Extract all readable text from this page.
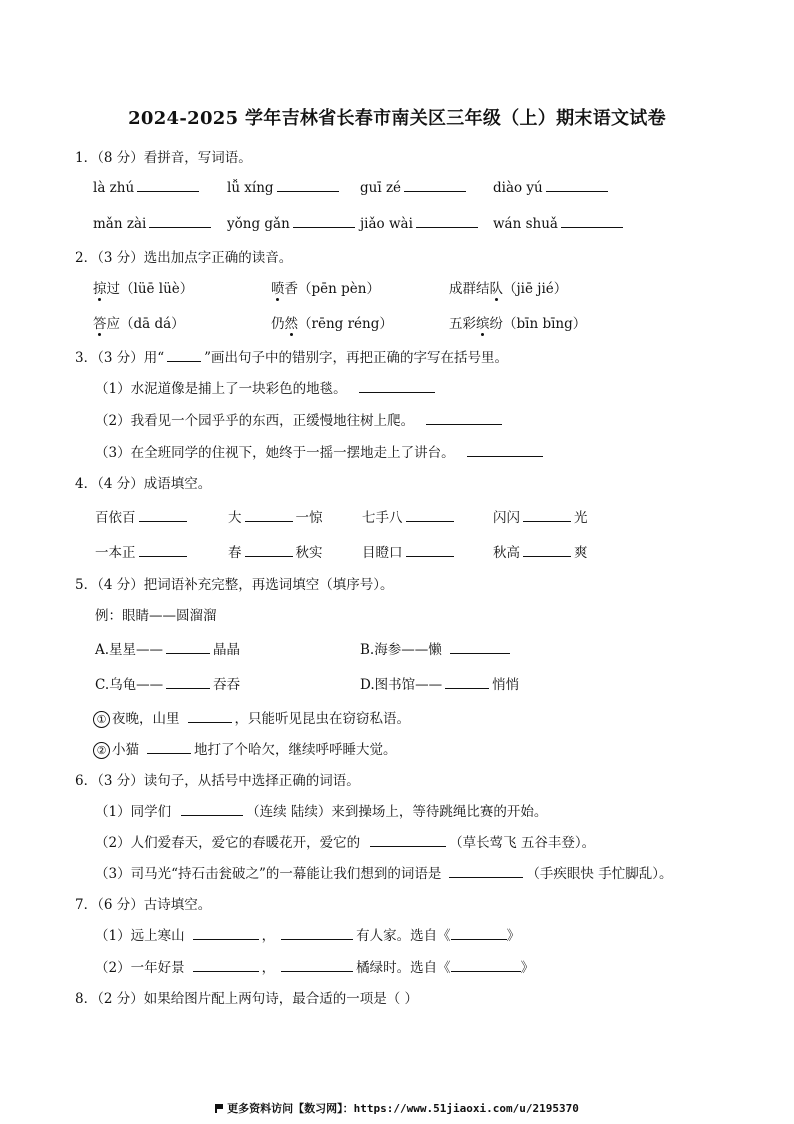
2024-2025 学年吉林省长春市南关区三年级（上）期末语文试卷
1．（8 分）看拼音，写词语。
là zhú	lǚ xíng	guī zé	diào yú
mǎn zài	yǒng gǎn	jiǎo wài	wán shuǎ
2．（3 分）选出加点字正确的读音。
掠过（lüē lüè）	喷香（pēn pèn）	成群结队（jiē jié）
答应（dā dá）	仍然（rēng réng）	五彩缤纷（bīn bīng）
3．（3 分）用“	”画出句子中的错别字，再把正确的字写在括号里。
（1）水泥道像是捕上了一块彩色的地毯。
（2）我看见一个园乎乎的东西，正缓慢地往树上爬。
（3）在全班同学的住视下，她终于一摇一摆地走上了讲台。
4．（4 分）成语填空。
百依百	大	一惊	七手八	闪闪	光
一本正	春	秋实	目瞪口	秋高	爽
5．（4 分）把词语补充完整，再选词填空（填序号）。
例：眼睛——圆溜溜
A.星星——	晶晶	B.海参——懒
C.乌龟——	吞吞	D.图书馆——	悄悄
① 夜晚，山里	，只能听见昆虫在窃窃私语。
② 小猫	地打了个哈欠，继续呼呼睡大觉。
6．（3 分）读句子，从括号中选择正确的词语。
（1）同学们	（连续 陆续）来到操场上，等待跳绳比赛的开始。
（2）人们爱春天，爱它的春暖花开，爱它的	（草长莺飞 五谷丰登）。
（3）司马光“持石击瓮破之”的一幕能让我们想到的词语是	（手疾眼快 手忙脚乱）。
7．（6 分）古诗填空。
（1）远上寒山	，	有人家。选自《	》
（2）一年好景	，	橘绿时。选自《	》
8．（2 分）如果给图片配上两句诗，最合适的一项是（ ）
更多资料访问【数习网】：https://www.51jiaoxi.com/u/2195370
